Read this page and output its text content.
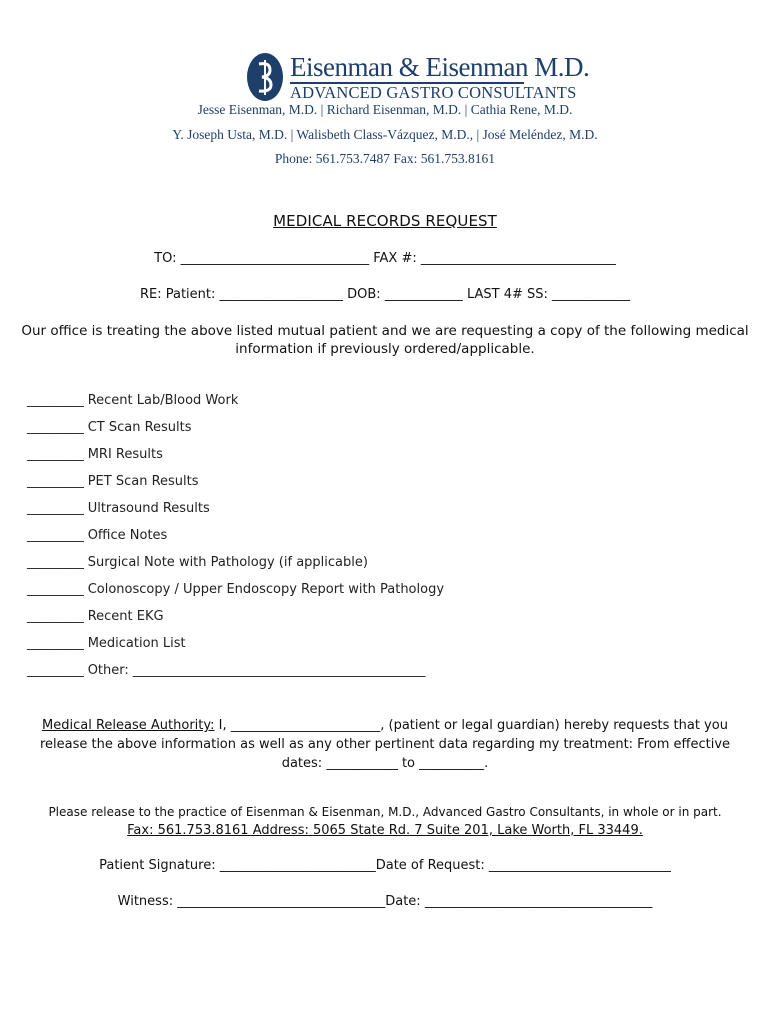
Eisenman & Eisenman M.D.
ADVANCED GASTRO CONSULTANTS
Jesse Eisenman, M.D. | Richard Eisenman, M.D. | Cathia Rene, M.D.
Y. Joseph Usta, M.D. | Walisbeth Class-Vázquez, M.D., | José Meléndez, M.D.
Phone: 561.753.7487 Fax: 561.753.8161
MEDICAL RECORDS REQUEST
TO: _____________________________ FAX #: ______________________________
RE: Patient: ___________________ DOB: ____________ LAST 4# SS: ____________
Our office is treating the above listed mutual patient and we are requesting a copy of the following medical information if previously ordered/applicable.
_________ Recent Lab/Blood Work
_________ CT Scan Results
_________ MRI Results
_________ PET Scan Results
_________ Ultrasound Results
_________ Office Notes
_________ Surgical Note with Pathology (if applicable)
_________ Colonoscopy / Upper Endoscopy Report with Pathology
_________ Recent EKG
_________ Medication List
_________ Other: _____________________________________________
Medical Release Authority: I, _______________________, (patient or legal guardian) hereby requests that you release the above information as well as any other pertinent data regarding my treatment: From effective dates: ___________ to __________.
Please release to the practice of Eisenman & Eisenman, M.D., Advanced Gastro Consultants, in whole or in part.
Fax: 561.753.8161 Address: 5065 State Rd. 7 Suite 201, Lake Worth, FL 33449.
Patient Signature: ________________________Date of Request: ____________________________
Witness: ________________________________Date: ___________________________________
